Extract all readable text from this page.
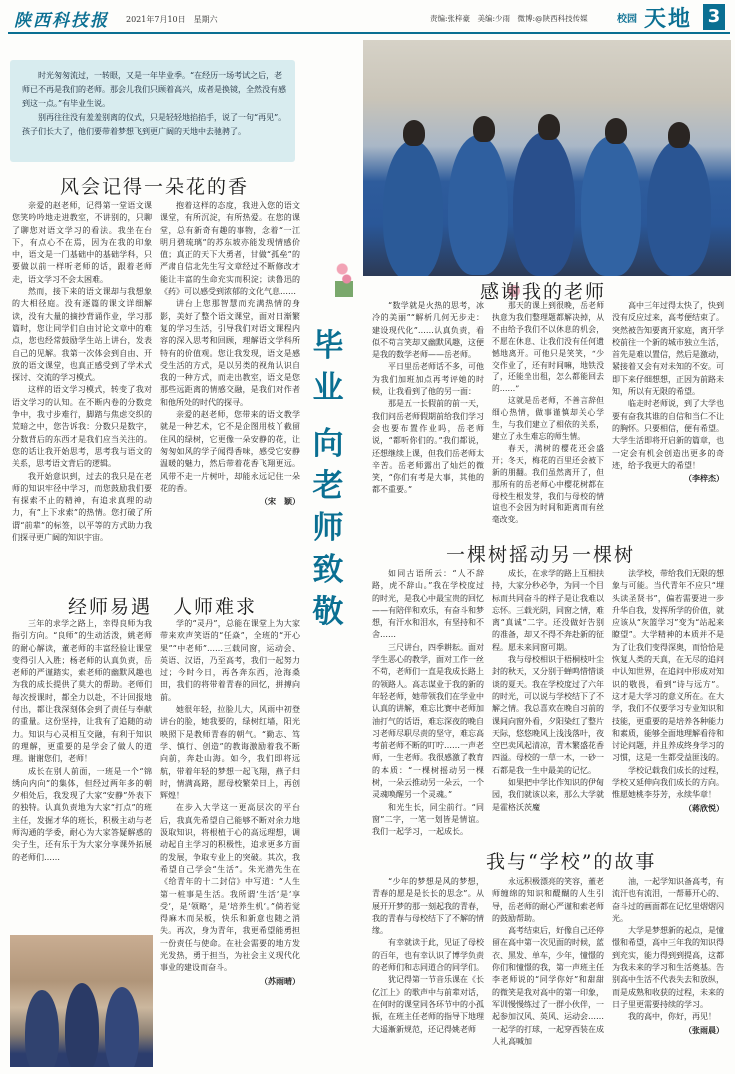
陕西科技报 2021年7月10日　星期六	责编:张梓豪　美编:少雨　微博:@陕西科技传媒	校园 天地 3
时光匆匆流过，一转眼，又是一年毕业季。“在经历一场考试之后，老师已不再是我们的老师。那会儿我们只顾着高兴，成者是换镜，全然没有感到这一点。”有毕业生说。
别再往往没有羞羞别离的仪式，只是轻轻地掐掐手，说了一句“再见”。孩子们长大了，他们要带着梦想飞到更广阔的天地中去驰骋了。
风会记得一朵花的香

亲爱的赵老师，记得第一堂语文课您笑吟吟地走进教室，不讲别的，只聊了聊您对语文学习的看法。我坐在台下，有点心不在焉，因为在我的印象中，语文是一门基础中的基础学科，只要做以前一样听老师的话，跟着老师走，语文学习不会太困难。

然而，接下来的语文课却与我想象的大相径庭。没有逐篇的课文详细解读，没有大量的摘抄背诵作业，学习那篇时，您让同学们自由讨论文章中的难点，您也经常鼓励学生站上讲台，发表自己的见解。我第一次体会到自由、开放的语文课堂，也真正感受到了学术式探讨、交流的学习模式。

这样的语文学习模式，转变了我对语文学习的认知。在不断内卷的分数竞争中，我寸步难行，脚踏与焦虑交织的荒暗之中，您告诉我：分数只是数字，分数背后的东西才是我们应当关注的。您的话让我开始思考，思考我与语文的关系，思考语文背后的逻辑。

我开始意识到，过去的我只是在老师的知识牢径中学习，而您鼓励我们要有探索不止的精神，有追求真理的动力，有“上下求索”的热情。您打破了所谓“前辈”的标签，以平等的方式助力我们探寻更广阔的知识宇宙。

抱着这样的态度，我进入您的语文课堂，有所沉淀，有所热爱。在您的课堂，总有新奇有趣的事物，念着“一江明月碧琉璃”的苏东坡亦能发现情感价值；真正的天下大勇者，甘做“孤垒”的严肃自信北先生写文章经过不断修改才能让丰富的生命充实而积淀；读鲁迅的《药》可以感受到浓郁的文化气息……

讲台上您那智慧而充满热情的身影，美好了整个语文课堂，面对日渐繁复的学习生活，引导我们对语文课程内容的深入思考和回顾，理解语文学科所特有的价值观。您让我发现，语文是感受生活的方式，是以另类的视角认识自我的一种方式，而走出教室，语文是您那些远距离的情感交融，是我们对作者和他所处的时代的探寻。

亲爱的赵老师，您带来的语文教学就是一种艺术，它不是企图用枝丫截留住风的绿树，它更像一朵安静的花，让匆匆如风的学子闻得香味，感受它安静温暖的魅力，然后带着花香飞翔更远。风带不走一片树叶，却能永远记住一朵花的香。

（宋　颖）

毕
业
向
老
师
致
敬
感谢我的老师

“数学就是火热的思考，冰冷的美丽”“解析几何无步走：建设现代化”……认真负责，看似不苟言笑却又幽默风趣，这便是我的数学老师——岳老师。

平日里岳老师话不多，可他为我们加班加点再考评她的时候，让我看到了他的另一面：

那是五一长假前的前一天，我们问岳老师假期前给我们学习会也要布置作业吗，岳老师说，“都听你们的。”我们都说，还想继续上课，但我们岳老师太辛苦。岳老师露出了灿烂的微笑，“你们有考是大事，其他的都不重要。”

那天的课上到很晚，岳老师执意为我们整理题都解决掉，从不由给予我们不以休息的机会，不愿在休息、让我们没有任何遗憾地离开。可他只是笑笑，“少交作业了，还有时间嘛，地铁没了，还能坐出租，怎么都能回去的……”

这就是岳老师，不善言辞但细心热情，做事谨慎却关心学生，与我们建立了相依的关系，建立了永生难忘的师生情。

春天，满树的樱花还会盛开；冬天，梅花的百里还会被下新的朋翻。我们虽然离开了，但那所有的岳老师心中樱花树都在母校生根发芽，我们与母校的情谊也不会因为时间和距离而有丝毫改变。

高中三年过得太快了，快到没有反应过来，高考便结束了。突然被告知要离开家庭，离开学校前往一个新的城市独立生活，首先是难以置信，然后是激动，紧接着又会有对未知的不安。可即下来仔细想想，正因为前路未知，所以有无限的希望。

临走时老师说，到了大学也要有奋我其谁的自信和当仁不让的胸怀。只要相信，便有希望。大学生活即将开启新的篇章，也一定会有机会创造出更多的奇迹，给予我更大的希望！

（李梓杰）

经师易遇　人师难求

三年的求学之路上，幸得良师为我指引方向。“良师”的生动活泼，姚老师的耐心解读，董老师的丰富经验让课堂变得引人入胜；杨老师的认真负责，岳老师的严谨踏实，索老师的幽默风趣也为我的成长提供了莫大的帮助。老师们每次授课时，都全力以赴，不计回报地付出，都让我深刻体会到了责任与奉献的重量。这份坚持，让我有了追随的动力。知识与心灵相互交融，有利于知识的理解，更重要的是学会了做人的道理。谢谢您们，老师！

成长在别人前面，一班是一个“锦绣向内向”的集体，但经过两年多的朝夕相处后，我发现了大家“安静”外表下的独特。认真负责地为大家“打点”的班主任，发掘才华的班长，积极主动与老师沟通的学委，耐心为大家答疑解惑的尖子生，还有乐于为大家分享课外拓展的老师们……

学的“灵丹”，总能在课堂上为大家带来欢声笑语的“任焱”，全班的“开心果”“中老师”……三载同窗，运动会、英语、汉语，乃至高考，我们一起努力过；今时今日，再各奔东西，沧海桑田，我们的将带着青春的回忆，拼搏向前。

她很年轻，拉脸儿大，风雨中初登讲台的脸，她我要的，绿树红墙，阳光映照下是教师青春的朝气。“勤志、笃学、慎行、创造”的教诲激励着我不断向前，奔赴山海。如今，我们即将远航，带着年轻的梦想一起飞翔，燕子归时，情满高路，愿母校繁荣日上，再创辉煌！

在步入大学这一更高层次的平台后，我真先希望自己能够不断对余力地汲取知识，将根植于心的高远理想，调动起自主学习的积极性，追求更多方面的发展，争取专业上的突破。其次，我希望自己学会“生活”。朱光潜先生在《给青年的十二封信》中写道：“人生第一桩事是生活。我所谓‘生活’是‘享受’，是‘领略’，是‘培养生机’。”倘若觉得麻木而呆板，快乐和新意也随之消失。再次，身为青年，我更希望能勇担一份责任与使命。在社会需要的地方发光发热，勇于担当，为社会主义现代化事业的建设而奋斗。

（苏雨晴）

一棵树摇动另一棵树

如同古语所云：“人不辞路，虎不辞山。”我在学校度过的时光，是我心中最宝贵的回忆——有陪伴和欢乐，有奋斗和梦想，有汗水和泪水，有坚持和不舍……

三尺讲台，四季耕耘。面对学生恶心的教学，面对工作一丝不苟，老师们一直是我成长路上的领路人。高志谋业于我的新的年轻老师，她带领我们在学业中认真的讲解，难忘比赛中老师加油打气的话语，难忘深夜的晚自习老师尽职尽责的坚守，难忘高考前老师不断的叮咛……一声老师，一生老师。我很感激了教育的本质：“一棵树摇动另一棵树，一朵云推动另一朵云，一个灵魂唤醒另一个灵魂。”

和光生长，同尘前行。“同窗”二字，一笔一划皆是情谊。我们一起学习，一起成长。

成长，在求学的路上互相扶持，大家分秒必争，为同一个目标而共同奋斗的样子是让我难以忘怀。三载光阴，同窗之情，难离“真诚”二字。还没做好告别的准备，却又不得不奔赴新的征程。愿未来同窗可期。

我与母校相识于梧桐枝叶尘封的秋天，又分别于蝉鸣惜惜谈谈的夏天。我在学校度过了六年的时光，可以说与学校结下了不解之情。我总喜欢在晚自习前的课间向窗外看，夕阳染红了整片天际，悠悠晚风上浅浅落叶，夜空巴卖风起清凉，青木繁盛花香四溢。母校的一草一木，一砂一石都是我一生中最美的记忆。

如果把中学比作知识的伊甸园，我们就该以来，那么大学就是霍格沃茨魔

法学校，带给我们无限的想象与可能。当代青年不应只“埋头读圣贤书”，偏若需要进一步升华自我，发挥所学的价值，就应该从“灰篮学习”变为“站起来瞭望”。大学精神的本质并不是为了让我们变得深奥，而恰恰是恢复人类的天真，在无尽的追问中认知世界，在追问中形成对知识的敬畏，看到“诗与远方”。这才是大学习的意义所在。在大学，我们不仅要学习专业知识和技能，更重要的是培养各种能力和素质，能够全面地理解看待和讨论问题，并且养成终身学习的习惯，这是一生都受益匪浅的。

学校记载我们成长的过程，学校又延伸向我们成长的方向。惟愿她桃李芬芳，永续华章！

（蒋欣悦）

我与“学校”的故事

“少年的梦想是风的梦想，青春的愿是是长长的思念”。从展开开梦的那一刻起我的青春，我的青春与母校结下了不解的情缘。

有幸就读于此，见证了母校的百年，也有幸认识了博学负责的老师们和志同道合的同学们。

犹记得第一节音乐课在《长亿江上》的歌声中与前辈对话，在何时的课堂同各环节中的小孤振，在班主任老师的指导下地理大遥漸新规范，还记得姚老师

永远积极漂亮的笑容，董老师缠绵的知识和醍醐的人生引导，岳老师的耐心严谨和索老师的鼓励帮助。

高考结束后，好像自己还停留在高中第一次见面的时候，蓝衣、黑发、单车，少年，憧憬的你们和憧憬的我，第一声班主任李老师说的“同学你好”和甜甜的微笑是我对高中的第一印象，军训慢慢练过了一群小伙伴，一起参加汉风、英风、运动会……一起学的打球，一起穿西装在成人礼高喊加

油，一起学知识备高考，有流汗也有流泪，一帮幕开心的、奋斗过的画面都在记忆里熠熠闪光。

大学是梦想新的起点，是憧憬和希望，高中三年我的知识得到充实，能力得到到提高，这都为我未来的学习和生活奠基。告别高中生活不代表失去和放纵，而是成熟和收获的过程，未来的日子里更需要持续的学习。

我的高中，你好，再见！

（张雨晨）
